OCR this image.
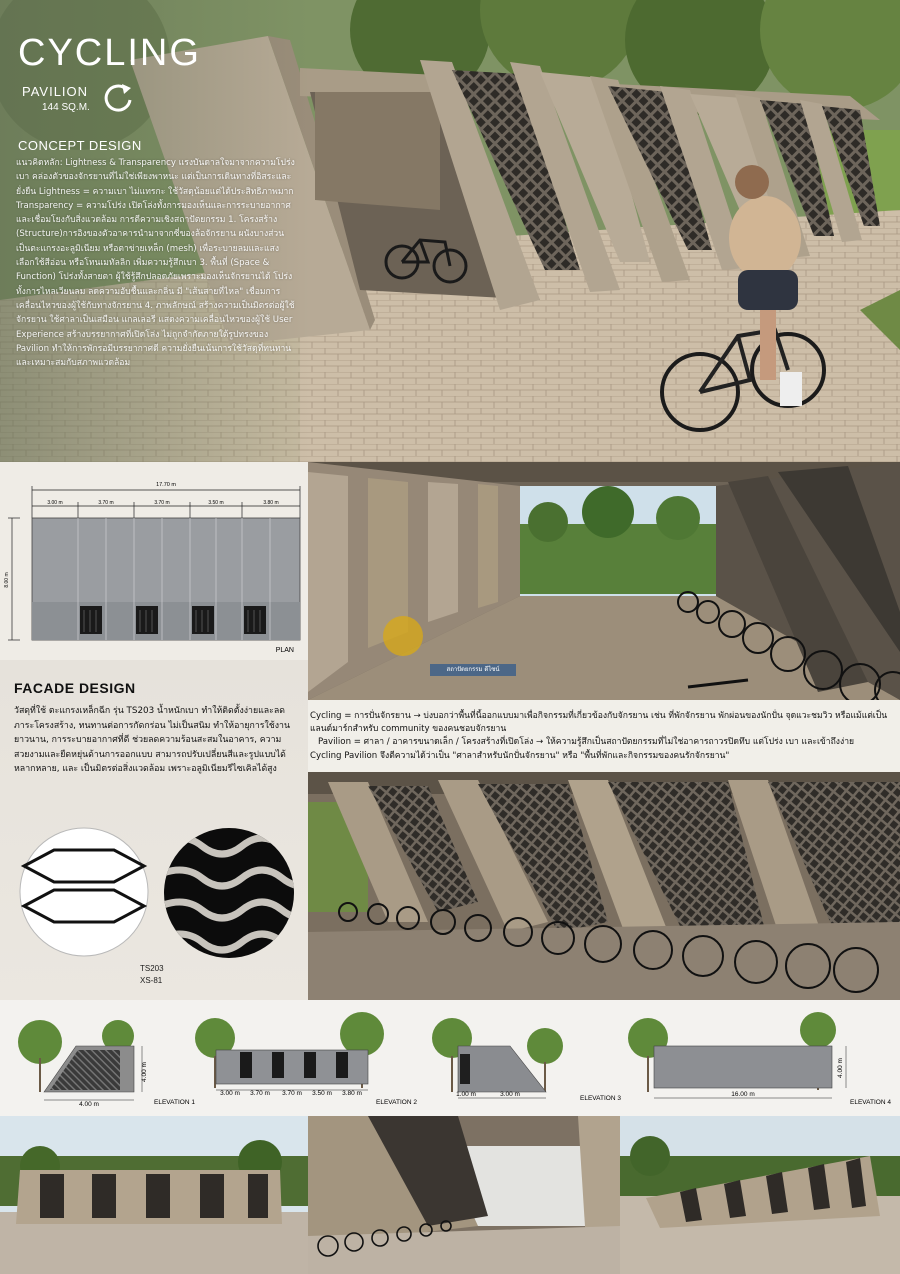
CYCLING
PAVILION
144 SQ.M.
CONCEPT DESIGN
แนวคิดหลัก: Lightness & Transparency แรงบันดาลใจมาจากความโปร่งเบา คล่องตัวของจักรยานที่ไม่ใช่เพียงพาหนะ แต่เป็นการเดินทางที่อิสระและยั่งยืน Lightness = ความเบา ไม่แทรกะ ใช้วัสดุน้อยแต่ได้ประสิทธิภาพมาก Transparency = ความโปร่ง เปิดโล่งทั้งการมองเห็นและการระบายอากาศและเชื่อมโยงกับสิ่งแวดล้อม การตีความเชิงสถาปัตยกรรม 1. โครงสร้าง (Structure)การอิงของตัวอาคารนำมาจากซี่ของล้อจักรยาน ผนังบางส่วนเป็นตะแกรงอะลูมิเนียม หรือตาข่ายเหล็ก (mesh) เพื่อระบายลมและแสง เลือกใช้สีอ่อน หรือโทนเมทัลลิก เพิ่มความรู้สึกเบา 3. พื้นที่ (Space & Function) โปร่งทั้งสายตา ผู้ใช้รู้สึกปลอดภัยเพราะมองเห็นจักรยานได้ โปร่งทั้งการไหลเวียนลม ลดความอับชื้นและกลิ่น มี "เส้นสายที่ไหล" เชื่อมการเคลื่อนไหวของผู้ใช้กับทางจักรยาน 4. ภาพลักษณ์ สร้างความเป็นมิตรต่อผู้ใช้จักรยาน ใช้ศาลาเป็นเสมือน แกลเลอรี แสดงความเคลื่อนไหวของผู้ใช้ User Experience สร้างบรรยากาศที่เปิดโล่ง ไม่ถูกจำกัดภายใต้รูปทรงของ Pavilion ทำให้การพักรอมีบรรยากาศดี ความยั่งยืนเน้นการใช้วัสดุที่ทนทานและเหมาะสมกับสภาพแวดล้อม
17.70 m
3.00 m	3.70 m	3.70 m	3.50 m	3.80 m
8.00 m
PLAN
สถาปัตยกรรม ดีไซน์
FACADE DESIGN
วัสดุที่ใช้ ตะแกรงเหล็กฉีก รุ่น TS203 น้ำหนักเบา ทำให้ติดตั้งง่ายและลดภาระโครงสร้าง, ทนทานต่อการกัดกร่อน ไม่เป็นสนิม ทำให้อายุการใช้งานยาวนาน, การระบายอากาศที่ดี ช่วยลดความร้อนสะสมในอาคาร, ความสวยงามและยืดหยุ่นด้านการออกแบบ สามารถปรับเปลี่ยนสีและรูปแบบได้หลากหลาย, และ เป็นมิตรต่อสิ่งแวดล้อม เพราะอลูมิเนียมรีไซเคิลได้สูง
TS203
XS-81
Cycling = การปั่นจักรยาน → บ่งบอกว่าพื้นที่นี้ออกแบบมาเพื่อกิจกรรมที่เกี่ยวข้องกับจักรยาน เช่น ที่พักจักรยาน พักผ่อนของนักปั่น จุดแวะชมวิว หรือแม้แต่เป็นแลนด์มาร์กสำหรับ community ของคนชอบจักรยาน
Pavilion = ศาลา / อาคารขนาดเล็ก / โครงสร้างที่เปิดโล่ง → ให้ความรู้สึกเป็นสถาปัตยกรรมที่ไม่ใช่อาคารถาวรปิดทึบ แต่โปร่ง เบา และเข้าถึงง่าย
Cycling Pavilion จึงตีความได้ว่าเป็น "ศาลาสำหรับนักปั่นจักรยาน" หรือ "พื้นที่พักและกิจกรรมของคนรักจักรยาน"
4.00 m
4.00 m
ELEVATION 1
3.00 m 3.70 m 3.70 m 3.50 m 3.80 m
ELEVATION 2
1.00 m	3.00 m
ELEVATION 3
16.00 m
4.00 m
ELEVATION 4
